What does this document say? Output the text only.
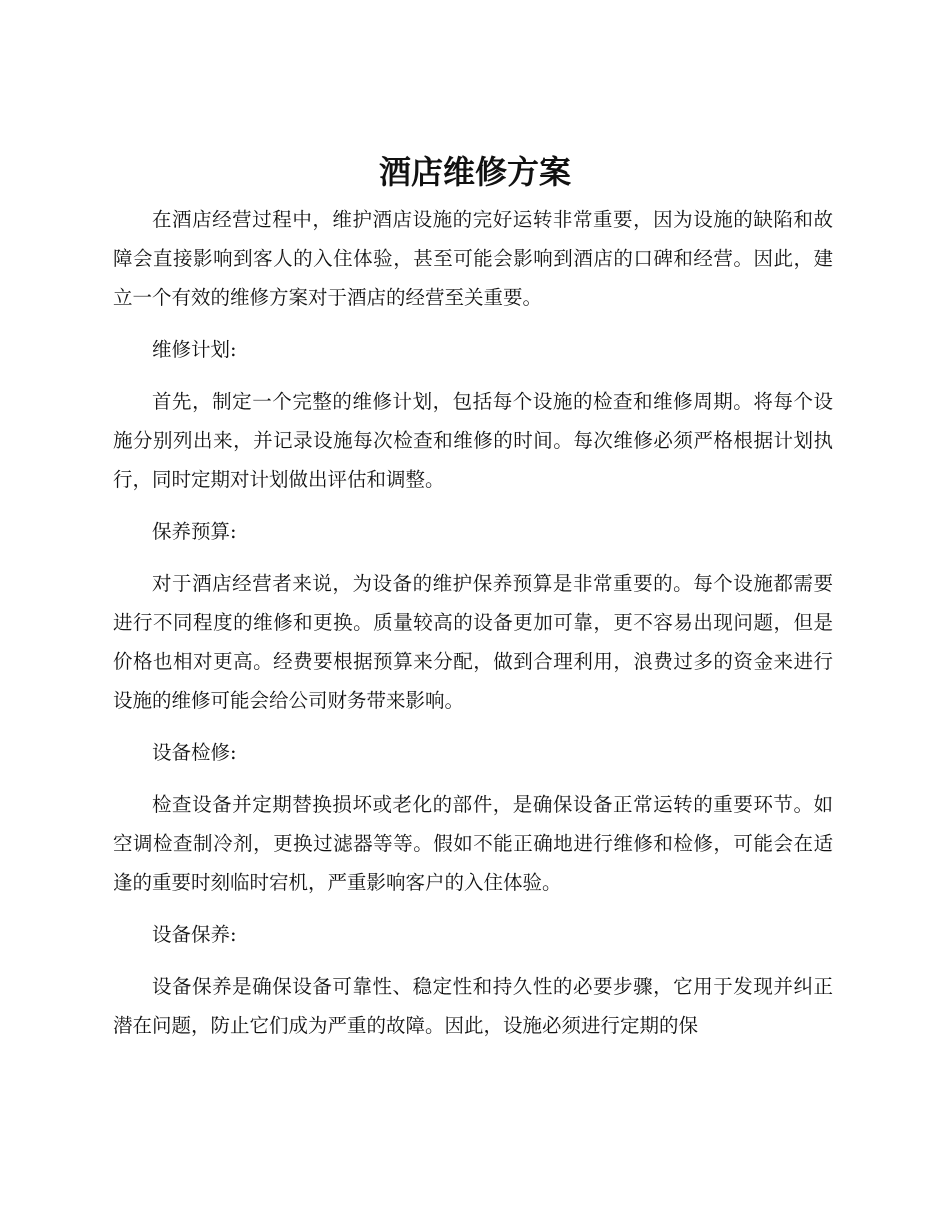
酒店维修方案

在酒店经营过程中，维护酒店设施的完好运转非常重要，因为设施的缺陷和故障会直接影响到客人的入住体验，甚至可能会影响到酒店的口碑和经营。因此，建立一个有效的维修方案对于酒店的经营至关重要。

维修计划:

首先，制定一个完整的维修计划，包括每个设施的检查和维修周期。将每个设施分别列出来，并记录设施每次检查和维修的时间。每次维修必须严格根据计划执行，同时定期对计划做出评估和调整。

保养预算:

对于酒店经营者来说，为设备的维护保养预算是非常重要的。每个设施都需要进行不同程度的维修和更换。质量较高的设备更加可靠，更不容易出现问题，但是价格也相对更高。经费要根据预算来分配，做到合理利用，浪费过多的资金来进行设施的维修可能会给公司财务带来影响。

设备检修:

检查设备并定期替换损坏或老化的部件，是确保设备正常运转的重要环节。如空调检查制冷剂，更换过滤器等等。假如不能正确地进行维修和检修，可能会在适逢的重要时刻临时宕机，严重影响客户的入住体验。

设备保养:

设备保养是确保设备可靠性、稳定性和持久性的必要步骤，它用于发现并纠正潜在问题，防止它们成为严重的故障。因此，设施必须进行定期的保
